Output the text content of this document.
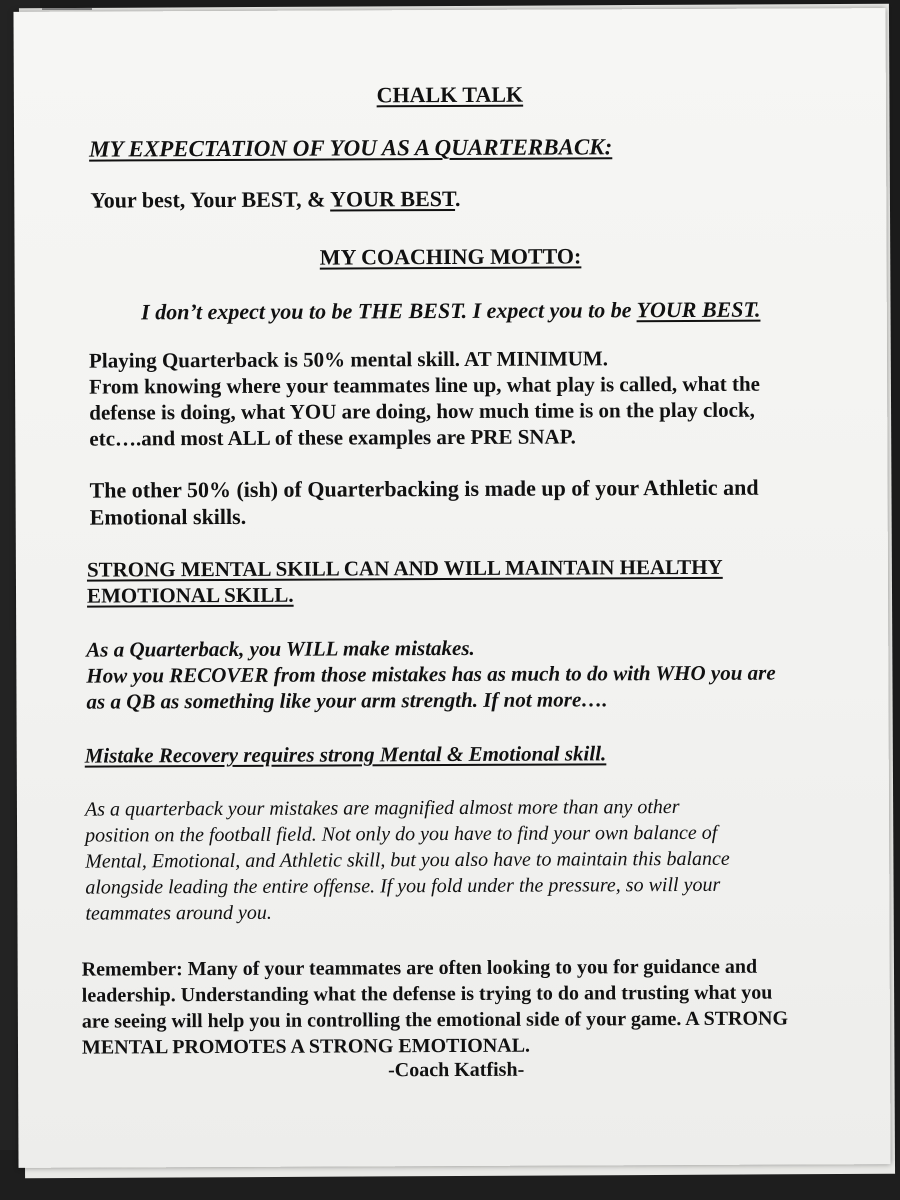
CHALK TALK

MY EXPECTATION OF YOU AS A QUARTERBACK:

Your best, Your BEST, & YOUR BEST.

MY COACHING MOTTO:

I don’t expect you to be THE BEST. I expect you to be YOUR BEST.

Playing Quarterback is 50% mental skill. AT MINIMUM.

From knowing where your teammates line up, what play is called, what the

defense is doing, what YOU are doing, how much time is on the play clock,

etc….and most ALL of these examples are PRE SNAP.

The other 50% (ish) of Quarterbacking is made up of your Athletic and

Emotional skills.

STRONG MENTAL SKILL CAN AND WILL MAINTAIN HEALTHY

EMOTIONAL SKILL.

As a Quarterback, you WILL make mistakes.

How you RECOVER from those mistakes has as much to do with WHO you are

as a QB as something like your arm strength. If not more….

Mistake Recovery requires strong Mental & Emotional skill.

As a quarterback your mistakes are magnified almost more than any other

position on the football field. Not only do you have to find your own balance of

Mental, Emotional, and Athletic skill, but you also have to maintain this balance

alongside leading the entire offense. If you fold under the pressure, so will your

teammates around you.

Remember: Many of your teammates are often looking to you for guidance and

leadership. Understanding what the defense is trying to do and trusting what you

are seeing will help you in controlling the emotional side of your game. A STRONG

MENTAL PROMOTES A STRONG EMOTIONAL.

-Coach Katfish-
